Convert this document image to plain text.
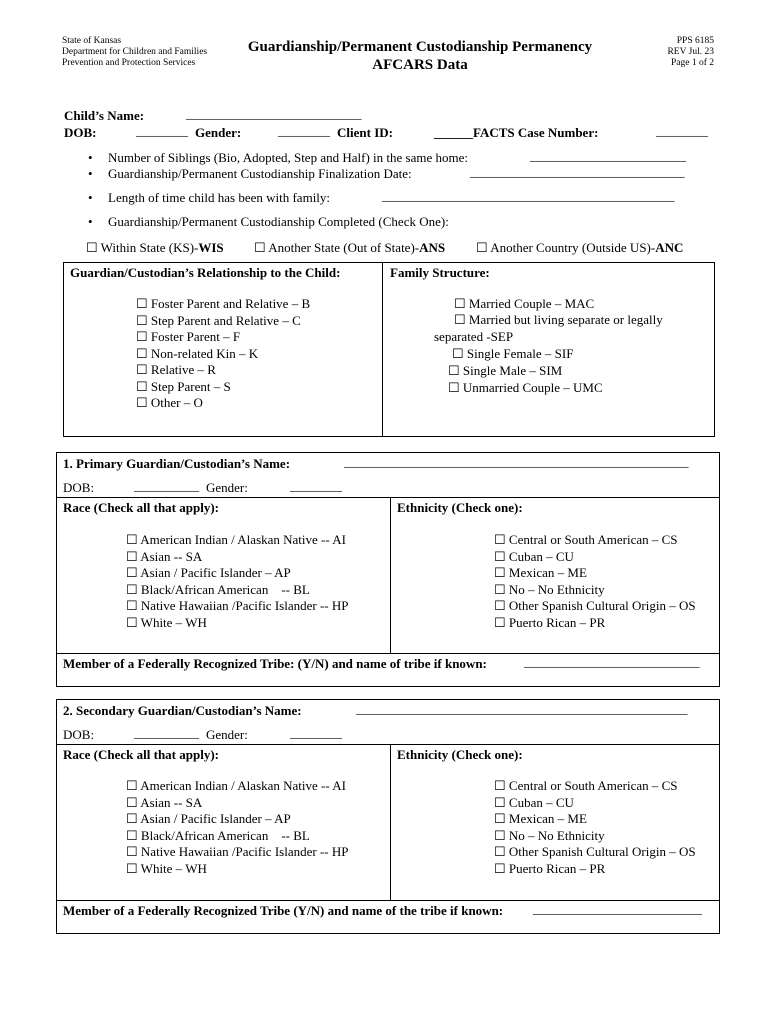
State of Kansas
Department for Children and Families
Prevention and Protection Services
Guardianship/Permanent Custodianship Permanency
AFCARS Data
PPS 6185
REV Jul. 23
Page 1 of 2
Child’s Name:	___________________________
DOB:	________ Gender:	________ Client ID:	______FACTS Case Number:	________
• Number of Siblings (Bio, Adopted, Step and Half) in the same home:	________________________
• Guardianship/Permanent Custodianship Finalization Date:	_________________________________
• Length of time child has been with family:	_____________________________________________
• Guardianship/Permanent Custodianship Completed (Check One):
☐ Within State (KS)-WIS ☐ Another State (Out of State)-ANS ☐ Another Country (Outside US)-ANC
Guardian/Custodian’s Relationship to the Child:	Family Structure:
☐ Foster Parent and Relative – B
☐ Step Parent and Relative – C
☐ Foster Parent – F
☐ Non-related Kin – K
☐ Relative – R
☐ Step Parent – S
☐ Other – O
☐ Married Couple – MAC
☐ Married but living separate or legally
separated -SEP
☐ Single Female – SIF
☐ Single Male – SIM
☐ Unmarried Couple – UMC
1. Primary Guardian/Custodian’s Name:	_____________________________________________________
DOB:	__________ Gender:	________
Race (Check all that apply):	Ethnicity (Check one):
☐ American Indian / Alaskan Native -- AI
☐ Asian -- SA
☐ Asian / Pacific Islander – AP
☐ Black/African American    -- BL
☐ Native Hawaiian /Pacific Islander -- HP
☐ White – WH
☐ Central or South American – CS
☐ Cuban – CU
☐ Mexican – ME
☐ No – No Ethnicity
☐ Other Spanish Cultural Origin – OS
☐ Puerto Rican – PR
Member of a Federally Recognized Tribe: (Y/N) and name of tribe if known:	___________________________
2. Secondary Guardian/Custodian’s Name:	___________________________________________________
DOB:	__________ Gender:	________
Race (Check all that apply):	Ethnicity (Check one):
☐ American Indian / Alaskan Native -- AI
☐ Asian -- SA
☐ Asian / Pacific Islander – AP
☐ Black/African American    -- BL
☐ Native Hawaiian /Pacific Islander -- HP
☐ White – WH
☐ Central or South American – CS
☐ Cuban – CU
☐ Mexican – ME
☐ No – No Ethnicity
☐ Other Spanish Cultural Origin – OS
☐ Puerto Rican – PR
Member of a Federally Recognized Tribe (Y/N) and name of the tribe if known: __________________________
